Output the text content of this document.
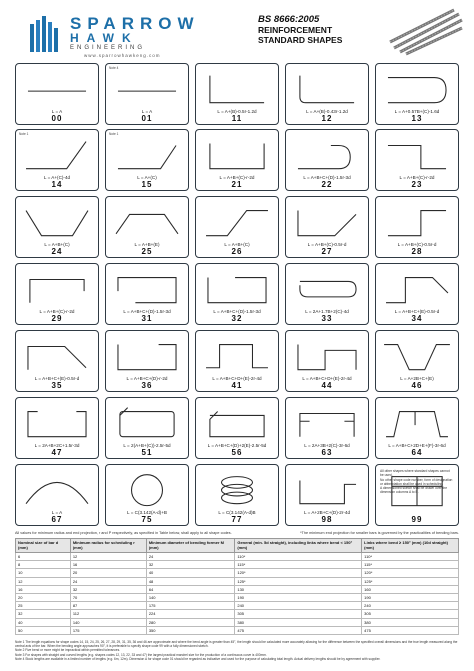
SPARROW
HAWK
ENGINEERING
www.sparrowhawkeng.com
BS 8666:2005
REINFORCEMENT
STANDARD SHAPES
L = A
00
Note 4
L = A
01
L = A+(B)-0.5r-1.2d
11
L = A+(B)-0.43r-1.2d
12
L = A+0.57B+(C)-1.6d
13
Note 1
L = A+(C)-4d
14
Note 1
L = A+(C)
15
L = A+B+(C)-r-2d
21
L = A+B+C+(D)-1.5r-3d
22
L = A+B+(C)-r-2d
23
L = A+B+(C)
24
L = A+B+(E)
25
L = A+B+(C)
26
L = A+B+(C)-0.5r-d
27
L = A+B+(C)-0.5r-d
28
L = A+B+(C)-r-2d
29
L = A+B+C+(D)-1.5r-3d
31
L = A+B+C+(D)-1.5r-3d
32
L = 2A+1.7B+2(C)-4d
33
L = A+B+C+(E)-0.5r-d
34
L = A+B+C+(E)-0.5r-d
35
L = A+B+C+(D)-r-2d
36
L = A+B+C+D+(E)-2r-4d
41
L = A+B+C+D+(E)-2r-4d
44
L = A+2B+C+(E)
46
L = 2A+B+2C+1.5r-3d
47
L = 2(A+B+(C))-2.5r-5d
51
L = A+B+C+(D)+2(E)-2.5r-5d
56
L = 2A+3B+2(C)-3r-6d
63
L = A+B+C+2D+E+(F)-3r-6d
64
L = A
67
L = C(3.142(A-d)+B
75
L = C(3.142(A-d)B
77
L = A+2B+C+(D)-2r-4d
98	99
All other shapes where standard shapes cannot be used.
No other shape code number, form of designation or abbreviation shall be used in scheduling.
A dimensioned sketch shall be drawn over the dimension columns A to E.
All values for minimum radius and end projection, r and P respectively, as specified in Table below, shall apply to all shape codes.	*The minimum end projection for smaller bars is governed by the practicalities of bending bars.
Nominal size of bar d (mm)	Minimum radius for scheduling r (mm)	Minimum diameter of bending former M (mm)	General (min. 5d straight), including links where bend < 150° (mm)	Links where bend ≥ 150° (mm) (10d straight) (mm)
6	12	24	110*	110*
8	16	32	115*	115*
10	20	40	120*	120*
12	24	48	125*	125*
16	32	64	130	160
20	70	140	190	190
25	87	175	240	240
32	112	224	305	305
40	140	280	380	380
50	175	350	475	475
Note 1 The length equations for shape codes 14, 15, 24, 25, 26, 27, 28, 29, 31, 35, 36 and 46 are approximate and where the bend angle is greater than 45°, the length should be calculated more accurately allowing for the difference between the specified overall dimensions and the true length measured along the central axis of the bar. When the bending angle approaches 90°, it is preferable to specify shape code 99 with a fully dimensioned sketch.
Note 2 Five bend or more might be impractical within permitted tolerances.
Note 3 For shapes with straight and curved lengths (e.g. shapes codes 12, 13, 22, 33 and 47) the largest practical mandrel size for the production of a continuous curve is 400mm.
Note 4 Stock lengths are available in a limited number of lengths (e.g. 6m, 12m). Dimension A for shape code 01 should be regarded as indicative and used for the purpose of calculating total length. Actual delivery lengths should be by agreement with supplier.
